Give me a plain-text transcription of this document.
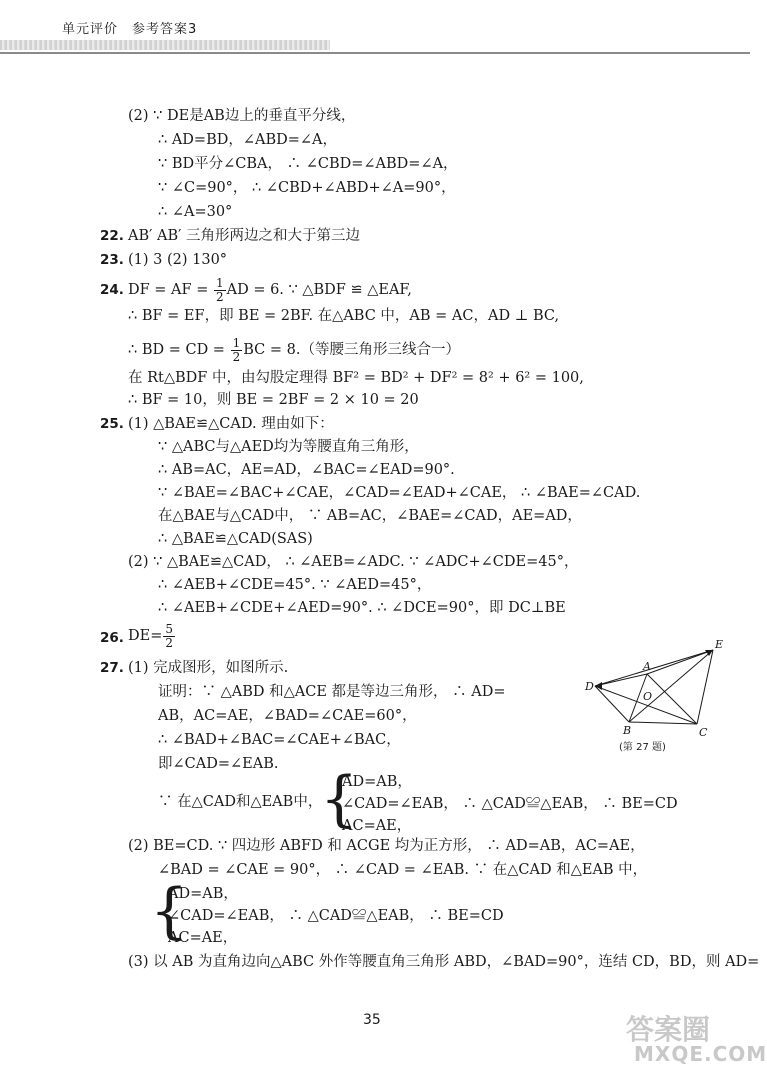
单元评价　参考答案3
(2) ∵ DE是AB边上的垂直平分线，
∴ AD=BD，∠ABD=∠A，
∵ BD平分∠CBA， ∴ ∠CBD=∠ABD=∠A，
∵ ∠C=90°， ∴ ∠CBD+∠ABD+∠A=90°，
∴ ∠A=30°
22. AB′ AB′ 三角形两边之和大于第三边
23. (1) 3 (2) 130°
24. DF = AF = $\frac{1}{2}$ AD = 6. ∵ △BDF ≌ △EAF,
∴ BF = EF，即 BE = 2BF. 在△ABC 中，AB = AC，AD ⊥ BC,
∴ BD = CD = $\frac{1}{2}$ BC = 8.（等腰三角形三线合一）
在 Rt△BDF 中，由勾股定理得 BF² = BD² + DF² = 8² + 6² = 100,
∴ BF = 10，则 BE = 2BF = 2 × 10 = 20
25. (1) △BAE≌△CAD. 理由如下：
∵ △ABC与△AED均为等腰直角三角形，
∴ AB=AC，AE=AD，∠BAC=∠EAD=90°.
∵ ∠BAE=∠BAC+∠CAE，∠CAD=∠EAD+∠CAE， ∴ ∠BAE=∠CAD.
在△BAE与△CAD中， ∵ AB=AC，∠BAE=∠CAD，AE=AD，
∴ △BAE≌△CAD(SAS)
(2) ∵ △BAE≌△CAD， ∴ ∠AEB=∠ADC. ∵ ∠ADC+∠CDE=45°，
∴ ∠AEB+∠CDE=45°. ∵ ∠AED=45°，
∴ ∠AEB+∠CDE+∠AED=90°. ∴ ∠DCE=90°，即 DC⊥BE
26. $DE= \frac{5}{2}$
27. (1) 完成图形，如图所示.
证明：∵ △ABD 和△ACE 都是等边三角形， ∴ AD=
AB，AC=AE，∠BAD=∠CAE=60°，
∴ ∠BAD+∠BAC=∠CAE+∠BAC，
即∠CAD=∠EAB.
∵ 在△CAD和△EAB中，
{
AD=AB，
∠CAD=∠EAB， ∴ △CAD≌△EAB， ∴ BE=CD
AC=AE，
(2) BE=CD. ∵ 四边形 ABFD 和 ACGE 均为正方形， ∴ AD=AB，AC=AE，
∠BAD = ∠CAE = 90°， ∴ ∠CAD = ∠EAB. ∵ 在△CAD 和△EAB 中，
{
AD=AB，
∠CAD=∠EAB， ∴ △CAD≌△EAB， ∴ BE=CD
AC=AE，
(3) 以 AB 为直角边向△ABC 外作等腰直角三角形 ABD，∠BAD=90°，连结 CD，BD，则 AD=
E
A
D
O
B	C
(第 27 题)
35	答案圈
MXQE.COM
